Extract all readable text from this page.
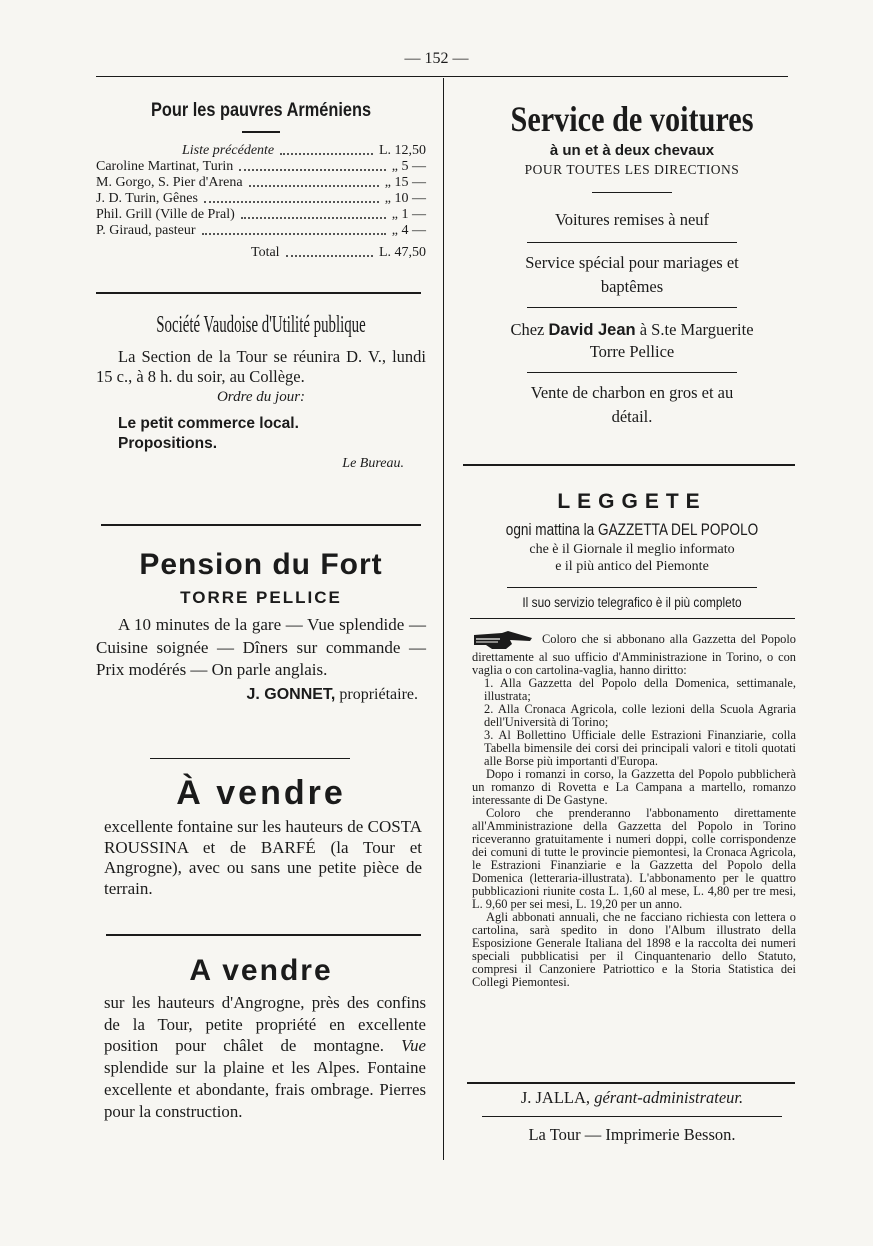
— 152 —
Pour les pauvres Arméniens
Liste précédente	L. 12,50
Caroline Martinat, Turin	„ 5 —
M. Gorgo, S. Pier d'Arena	„ 15 —
J. D. Turin, Gênes	„ 10 —
Phil. Grill (Ville de Pral)	„ 1 —
P. Giraud, pasteur	„ 4 —
Total	L. 47,50
Société Vaudoise d'Utilité publique
La Section de la Tour se réunira D. V., lundi 15 c., à 8 h. du soir, au Collège.
Ordre du jour:
Le petit commerce local.
Propositions.
Le Bureau.
Pension du Fort
TORRE PELLICE
A 10 minutes de la gare — Vue splendide — Cuisine soignée — Dîners sur commande — Prix modérés — On parle anglais.
J. GONNET, propriétaire.
À vendre
excellente fontaine sur les hauteurs de COSTA ROUSSINA et de BARFÉ (la Tour et Angrogne), avec ou sans une petite pièce de terrain.
A vendre
sur les hauteurs d'Angrogne, près des confins de la Tour, petite propriété en excellente position pour châlet de montagne. Vue splendide sur la plaine et les Alpes. Fontaine excellente et abondante, frais ombrage. Pierres pour la construction.
Service de voitures
à un et à deux chevaux
POUR TOUTES LES DIRECTIONS
Voitures remises à neuf
Service spécial pour mariages et baptêmes
Chez David Jean à S.te Marguerite
Torre Pellice
Vente de charbon en gros et au détail.
LEGGETE
ogni mattina la GAZZETTA DEL POPOLO
che è il Giornale il meglio informato
e il più antico del Piemonte
Il suo servizio telegrafico è il più completo

Coloro che si abbonano alla Gazzetta del Popolo direttamente al suo ufficio d'Amministrazione in Torino, o con vaglia o con cartolina-vaglia, hanno diritto:

1. Alla Gazzetta del Popolo della Domenica, settimanale, illustrata;

2. Alla Cronaca Agricola, colle lezioni della Scuola Agraria dell'Università di Torino;

3. Al Bollettino Ufficiale delle Estrazioni Finanziarie, colla Tabella bimensile dei corsi dei principali valori e titoli quotati alle Borse più importanti d'Europa.

Dopo i romanzi in corso, la Gazzetta del Popolo pubblicherà un romanzo di Rovetta e La Campana a martello, romanzo interessante di De Gastyne.

Coloro che prenderanno l'abbonamento direttamente all'Amministrazione della Gazzetta del Popolo in Torino riceveranno gratuitamente i numeri doppi, colle corrispondenze dei comuni di tutte le provincie piemontesi, la Cronaca Agricola, le Estrazioni Finanziarie e la Gazzetta del Popolo della Domenica (letteraria-illustrata). L'abbonamento per le quattro pubblicazioni riunite costa L. 1,60 al mese, L. 4,80 per tre mesi, L. 9,60 per sei mesi, L. 19,20 per un anno.

Agli abbonati annuali, che ne facciano richiesta con lettera o cartolina, sarà spedito in dono l'Album illustrato della Esposizione Generale Italiana del 1898 e la raccolta dei numeri speciali pubblicatisi per il Cinquantenario dello Statuto, compresi il Canzoniere Patriottico e la Storia Statistica dei Collegi Piemontesi.

J. JALLA, gérant-administrateur.
La Tour — Imprimerie Besson.
